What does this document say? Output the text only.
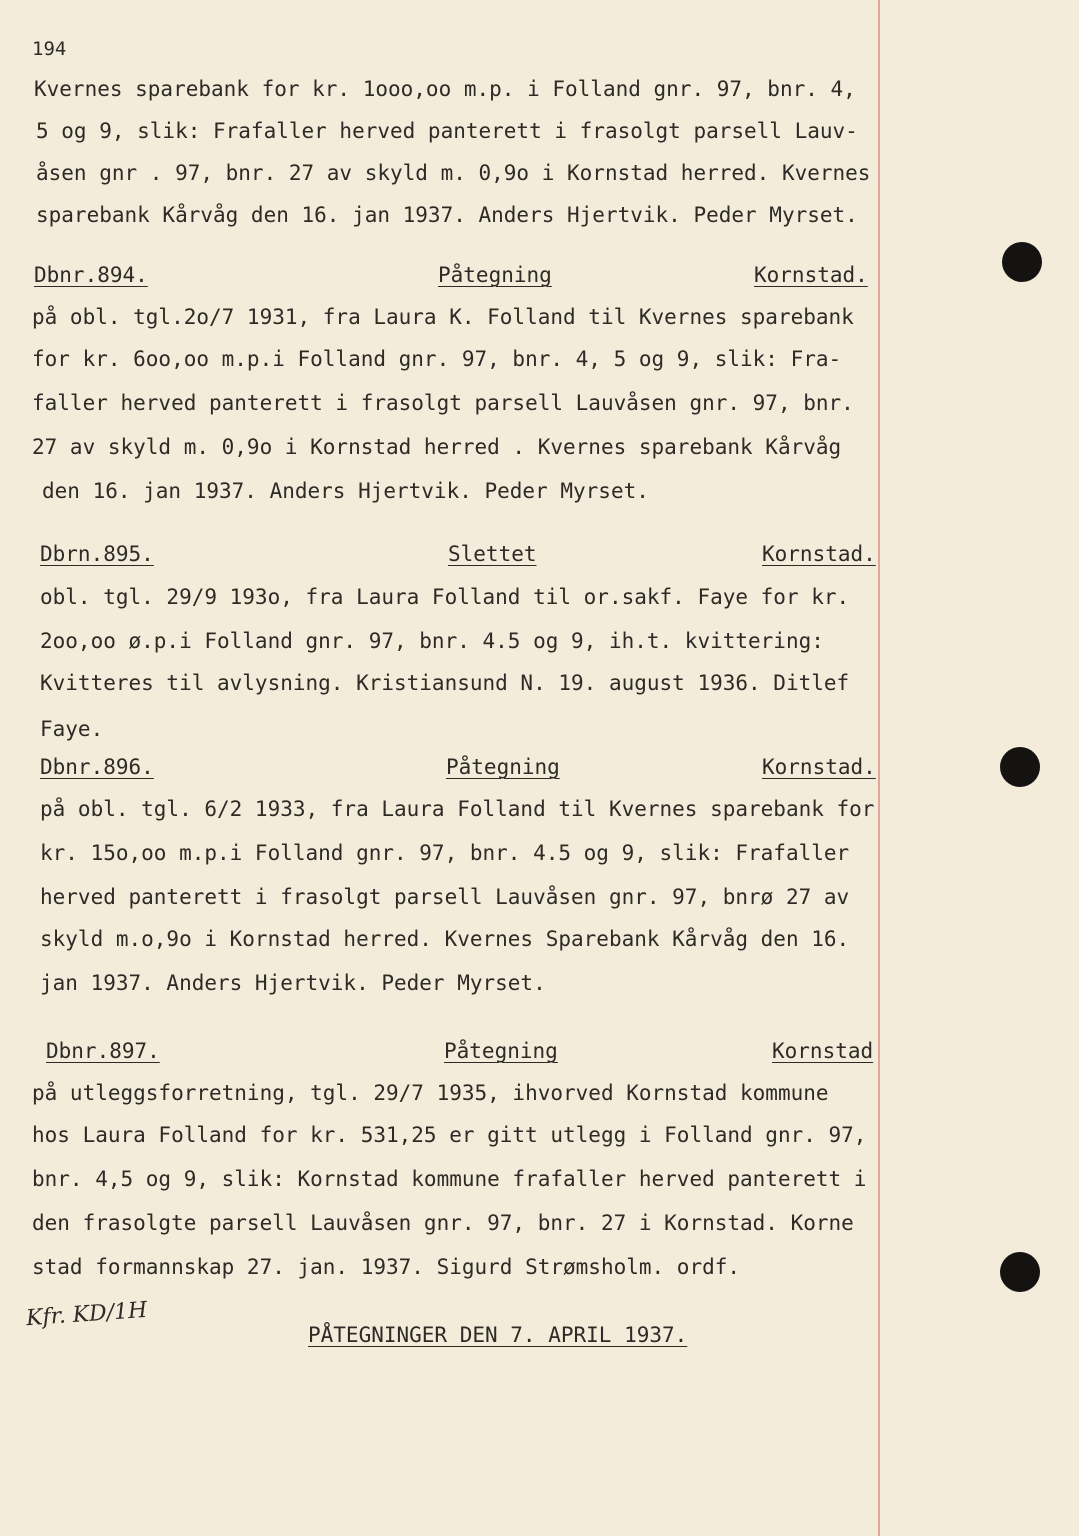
194
Kvernes sparebank for kr. 1ooo,oo m.p. i Folland gnr. 97, bnr. 4,
5 og 9, slik: Frafaller herved panterett i frasolgt parsell Lauv-
åsen gnr . 97, bnr. 27 av skyld m. 0,9o i Kornstad herred. Kvernes
sparebank Kårvåg den 16. jan 1937. Anders Hjertvik. Peder Myrset.
Dbnr.894.	Påtegning	Kornstad.
på obl. tgl.2o/7 1931, fra Laura K. Folland til Kvernes sparebank
for kr. 6oo,oo m.p.i Folland gnr. 97, bnr. 4, 5 og 9, slik: Fra-
faller herved panterett i frasolgt parsell Lauvåsen gnr. 97, bnr.
27 av skyld m. 0,9o i Kornstad herred . Kvernes sparebank Kårvåg
den 16. jan 1937. Anders Hjertvik. Peder Myrset.
Dbrn.895.	Slettet	Kornstad.
obl. tgl. 29/9 193o, fra Laura Folland til or.sakf. Faye for kr.
2oo,oo ø.p.i Folland gnr. 97, bnr. 4.5 og 9, ih.t. kvittering:
Kvitteres til avlysning. Kristiansund N. 19. august 1936. Ditlef
Faye.
Dbnr.896.	Påtegning	Kornstad.
på obl. tgl. 6/2 1933, fra Laura Folland til Kvernes sparebank for
kr. 15o,oo m.p.i Folland gnr. 97, bnr. 4.5 og 9, slik: Frafaller
herved panterett i frasolgt parsell Lauvåsen gnr. 97, bnrø 27 av
skyld m.o,9o i Kornstad herred. Kvernes Sparebank Kårvåg den 16.
jan 1937. Anders Hjertvik. Peder Myrset.
Dbnr.897.	Påtegning	Kornstad
på utleggsforretning, tgl. 29/7 1935, ihvorved Kornstad kommune
hos Laura Folland for kr. 531,25 er gitt utlegg i Folland gnr. 97,
bnr. 4,5 og 9, slik: Kornstad kommune frafaller herved panterett i
den frasolgte parsell Lauvåsen gnr. 97, bnr. 27 i Kornstad. Korne
stad formannskap 27. jan. 1937. Sigurd Strømsholm. ordf.
Kfr. KD/1H
PÅTEGNINGER DEN 7. APRIL 1937.
